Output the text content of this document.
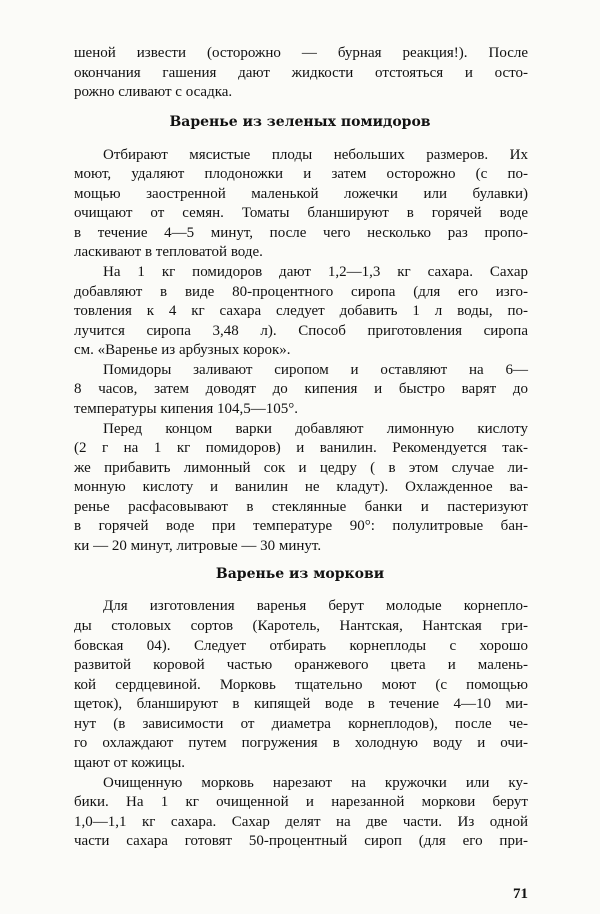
шеной извести (осторожно — бурная реакция!). После
окончания гашения дают жидкости отстояться и осто-
рожно сливают с осадка.
Варенье из зеленых помидоров
Отбирают мясистые плоды небольших размеров. Их
моют, удаляют плодоножки и затем осторожно (с по-
мощью заостренной маленькой ложечки или булавки)
очищают от семян. Томаты бланшируют в горячей воде
в течение 4—5 минут, после чего несколько раз пропо-
ласкивают в тепловатой воде.
На 1 кг помидоров дают 1,2—1,3 кг сахара. Сахар
добавляют в виде 80-процентного сиропа (для его изго-
товления к 4 кг сахара следует добавить 1 л воды, по-
лучится сиропа 3,48 л). Способ приготовления сиропа
см. «Варенье из арбузных корок».
Помидоры заливают сиропом и оставляют на 6—
8 часов, затем доводят до кипения и быстро варят до
температуры кипения 104,5—105°.
Перед концом варки добавляют лимонную кислоту
(2 г на 1 кг помидоров) и ванилин. Рекомендуется так-
же прибавить лимонный сок и цедру ( в этом случае ли-
монную кислоту и ванилин не кладут). Охлажденное ва-
ренье расфасовывают в стеклянные банки и пастеризуют
в горячей воде при температуре 90°: полулитровые бан-
ки — 20 минут, литровые — 30 минут.
Варенье из моркови
Для изготовления варенья берут молодые корнепло-
ды столовых сортов (Каротель, Нантская, Нантская гри-
бовская 04). Следует отбирать корнеплоды с хорошо
развитой коровой частью оранжевого цвета и малень-
кой сердцевиной. Морковь тщательно моют (с помощью
щеток), бланшируют в кипящей воде в течение 4—10 ми-
нут (в зависимости от диаметра корнеплодов), после че-
го охлаждают путем погружения в холодную воду и очи-
щают от кожицы.
Очищенную морковь нарезают на кружочки или ку-
бики. На 1 кг очищенной и нарезанной моркови берут
1,0—1,1 кг сахара. Сахар делят на две части. Из одной
части сахара готовят 50-процентный сироп (для его при-
71
